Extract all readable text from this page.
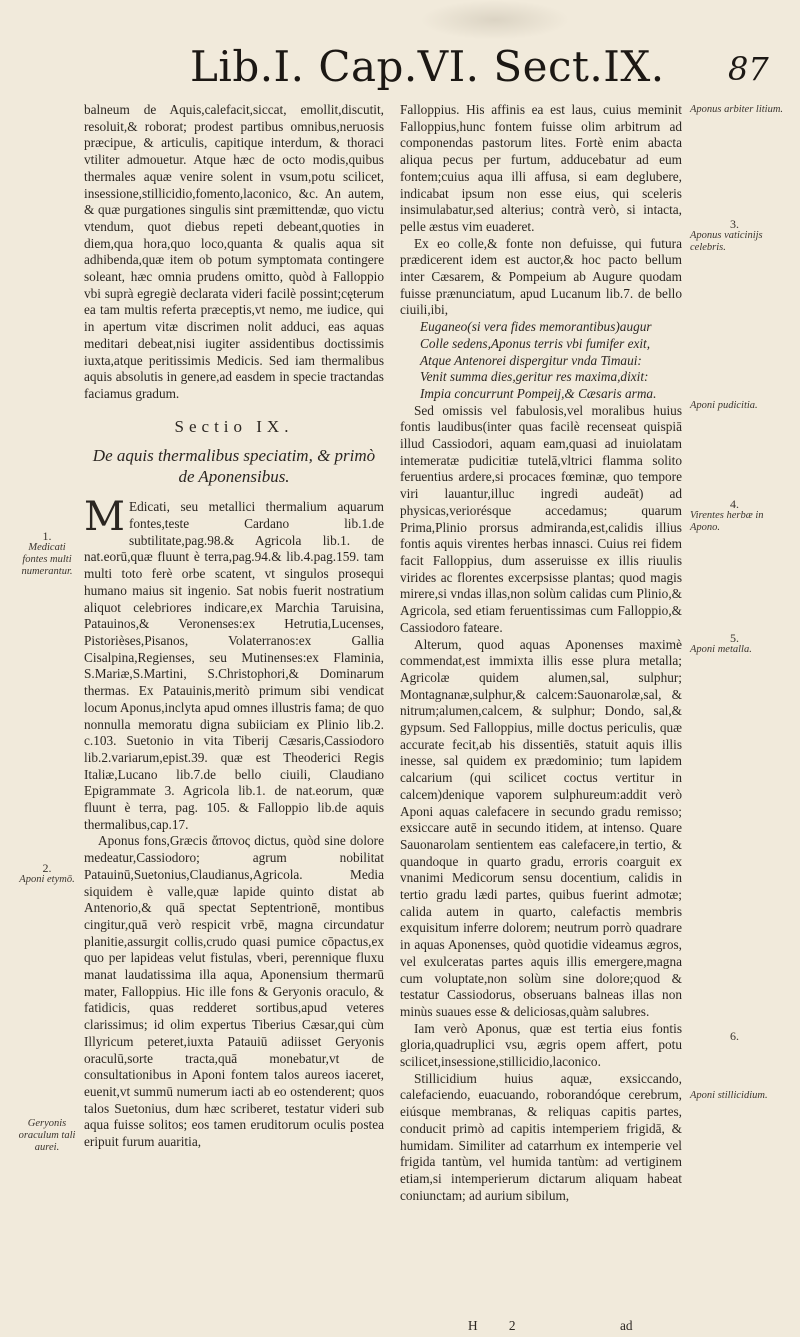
Lib.I. Cap.VI. Sect.IX. 87

balneum de Aquis,calefacit,siccat, emollit,discutit, resoluit,& roborat; prodest partibus omnibus,neruosis præcipue, & articulis, capitique interdum, & thoraci vtiliter admouetur. Atque hæc de octo modis,quibus thermales aquæ venire solent in vsum,potu scilicet, insessione,stillicidio,fomento,laconico, &c. An autem, & quæ purgationes singulis sint præmittendæ, quo victu vtendum, quot diebus repeti debeant,quoties in diem,qua hora,quo loco,quanta & qualis aqua sit adhibenda,quæ item ob potum symptomata contingere soleant, hæc omnia prudens omitto, quòd à Falloppio vbi suprà egregiè declarata videri facilè possint;cęterum ea tam multis referta præceptis,vt nemo, me iudice, qui in apertum vitæ discrimen nolit adduci, eas aquas meditari debeat,nisi iugiter assidentibus doctissimis iuxta,atque peritissimis Medicis. Sed iam thermalibus aquis absolutis in genere,ad easdem in specie tractandas faciamus gradum.

Sectio IX.
De aquis thermalibus speciatim, & primò de Aponensibus.

M Edicati, seu metallici thermalium aquarum fontes,teste Cardano lib.1.de subtilitate,pag.98.& Agricola lib.1. de nat.eorū,quæ fluunt è terra,pag.94.& lib.4.pag.159. tam multi toto ferè orbe scatent, vt singulos prosequi humano maius sit ingenio. Sat nobis fuerit nostratium aliquot celebriores indicare,ex Marchia Taruisina, Patauinos,& Veronenses:ex Hetrutia,Lucenses, Pistorièses,Pisanos, Volaterranos:ex Gallia Cisalpina,Regienses, seu Mutinenses:ex Flaminia, S.Mariæ,S.Martini, S.Christophori,& Dominarum thermas. Ex Patauinis,meritò primum sibi vendicat locum Aponus,inclyta apud omnes illustris fama; de quo nonnulla memoratu digna subiiciam ex Plinio lib.2. c.103. Suetonio in vita Tiberij Cæsaris,Cassiodoro lib.2.variarum,epist.39. quæ est Theoderici Regis Italiæ,Lucano lib.7.de bello ciuili, Claudiano Epigrammate 3. Agricola lib.1. de nat.eorum, quæ fluunt è terra, pag. 105. & Falloppio lib.de aquis thermalibus,cap.17.

Aponus fons,Græcis ἄπονος dictus, quòd sine dolore medeatur,Cassiodoro; agrum nobilitat Patauinū,Suetonius,Claudianus,Agricola. Media siquidem è valle,quæ lapide quinto distat ab Antenorio,& quā spectat Septentrionē, montibus cingitur,quā verò respicit vrbē, magna circundatur planitie,assurgit collis,crudo quasi pumice cōpactus,ex quo per lapideas velut fistulas, vberi, perennique fluxu manat laudatissima illa aqua, Aponensium thermarū mater, Falloppius. Hic ille fons & Geryonis oraculo, & fatidicis, quas redderet sortibus,apud veteres clarissimus; id olim expertus Tiberius Cæsar,qui cùm Illyricum peteret,iuxta Patauiū adiisset Geryonis oraculū,sorte tracta,quā monebatur,vt de consultationibus in Aponi fontem talos aureos iaceret, euenit,vt summū numerum iacti ab eo ostenderent; quos talos Suetonius, dum hæc scriberet, testatur videri sub aqua fuisse solitos; eos tamen eruditorum oculis postea eripuit furum auaritia,

Falloppius. His affinis ea est laus, cuius meminit Falloppius,hunc fontem fuisse olim arbitrum ad componendas pastorum lites. Fortè enim abacta aliqua pecus per furtum, adducebatur ad eum fontem;cuius aqua illi affusa, si eam deglubere, indicabat ipsum non esse eius, qui sceleris insimulabatur,sed alterius; contrà verò, si intacta, pelle æstus vim euaderet.

Ex eo colle,& fonte non defuisse, qui futura prædicerent idem est auctor,& hoc pacto bellum inter Cæsarem, & Pompeium ab Augure quodam fuisse prænunciatum, apud Lucanum lib.7. de bello ciuili,ibi,

Euganeo(si vera fides memorantibus)augur
Colle sedens,Aponus terris vbi fumifer exit,
Atque Antenorei dispergitur vnda Timaui:
Venit summa dies,geritur res maxima,dixit:
Impia concurrunt Pompeij,& Cæsaris arma.

Sed omissis vel fabulosis,vel moralibus huius fontis laudibus(inter quas facilè recenseat quispiā illud Cassiodori, aquam eam,quasi ad inuiolatam intemeratæ pudicitiæ tutelā,vltrici flamma solito feruentius ardere,si procaces fœminæ, quo tempore viri lauantur,illuc ingredi audeāt) ad physicas,veriorésque accedamus; quarum Prima,Plinio prorsus admiranda,est,calidis illius fontis aquis virentes herbas innasci. Cuius rei fidem facit Falloppius, dum asseruisse ex illis riuulis virides ac florentes excerpsisse plantas; quod magis mirere,si vndas illas,non solùm calidas cum Plinio,& Agricola, sed etiam feruentissimas cum Falloppio,& Cassiodoro fateare.

Alterum, quod aquas Aponenses maximè commendat,est immixta illis esse plura metalla; Agricolæ quidem alumen,sal, sulphur; Montagnanæ,sulphur,& calcem:Sauonarolæ,sal, & nitrum;alumen,calcem, & sulphur; Dondo, sal,& gypsum. Sed Falloppius, mille doctus periculis, quæ accurate fecit,ab his dissentiēs, statuit aquis illis inesse, sal quidem ex prædominio; tum lapidem calcarium (qui scilicet coctus vertitur in calcem)denique vaporem sulphureum:addit verò Aponi aquas calefacere in secundo gradu remisso; exsiccare autē in secundo itidem, at intenso. Quare Sauonarolam sentientem eas calefacere,in tertio, & quandoque in quarto gradu, erroris coarguit ex vnanimi Medicorum sensu docentium, calidis in tertio gradu lædi partes, quibus fuerint admotæ; calida autem in quarto, calefactis membris exquisitum inferre dolorem; neutrum porrò quadrare in aquas Aponenses, quòd quotidie videamus ægros, vel exulceratas partes aquis illis emergere,magna cum voluptate,non solùm sine dolore;quod & testatur Cassiodorus, obseruans balneas illas non minùs suaues esse & deliciosas,quàm salubres.

Iam verò Aponus, quæ est tertia eius fontis gloria,quadruplici vsu, ægris opem affert, potu scilicet,insessione,stillicidio,laconico.

Stillicidium huius aquæ, exsiccando, calefaciendo, euacuando, roborandóque cerebrum, eiúsque membranas, & reliquas capitis partes, conducit primò ad capitis intemperiem frigidā, & humidam. Similiter ad catarrhum ex intemperie vel frigida tantùm, vel humida tantùm: ad vertiginem etiam,si intemperierum dictarum aliquam habeat coniunctam; ad aurium sibilum,

1.
Medicati fontes multi numerantur.
2.
Aponi etymō.
Geryonis oraculum tali aurei.
Aponus arbiter litium.
3.
Aponus vaticinijs celebris.
Aponi pudicitia.
4.
Virentes herbæ in Apono.
5.
Aponi metalla.
6.
Aponi stillicidium.
H 2	ad
